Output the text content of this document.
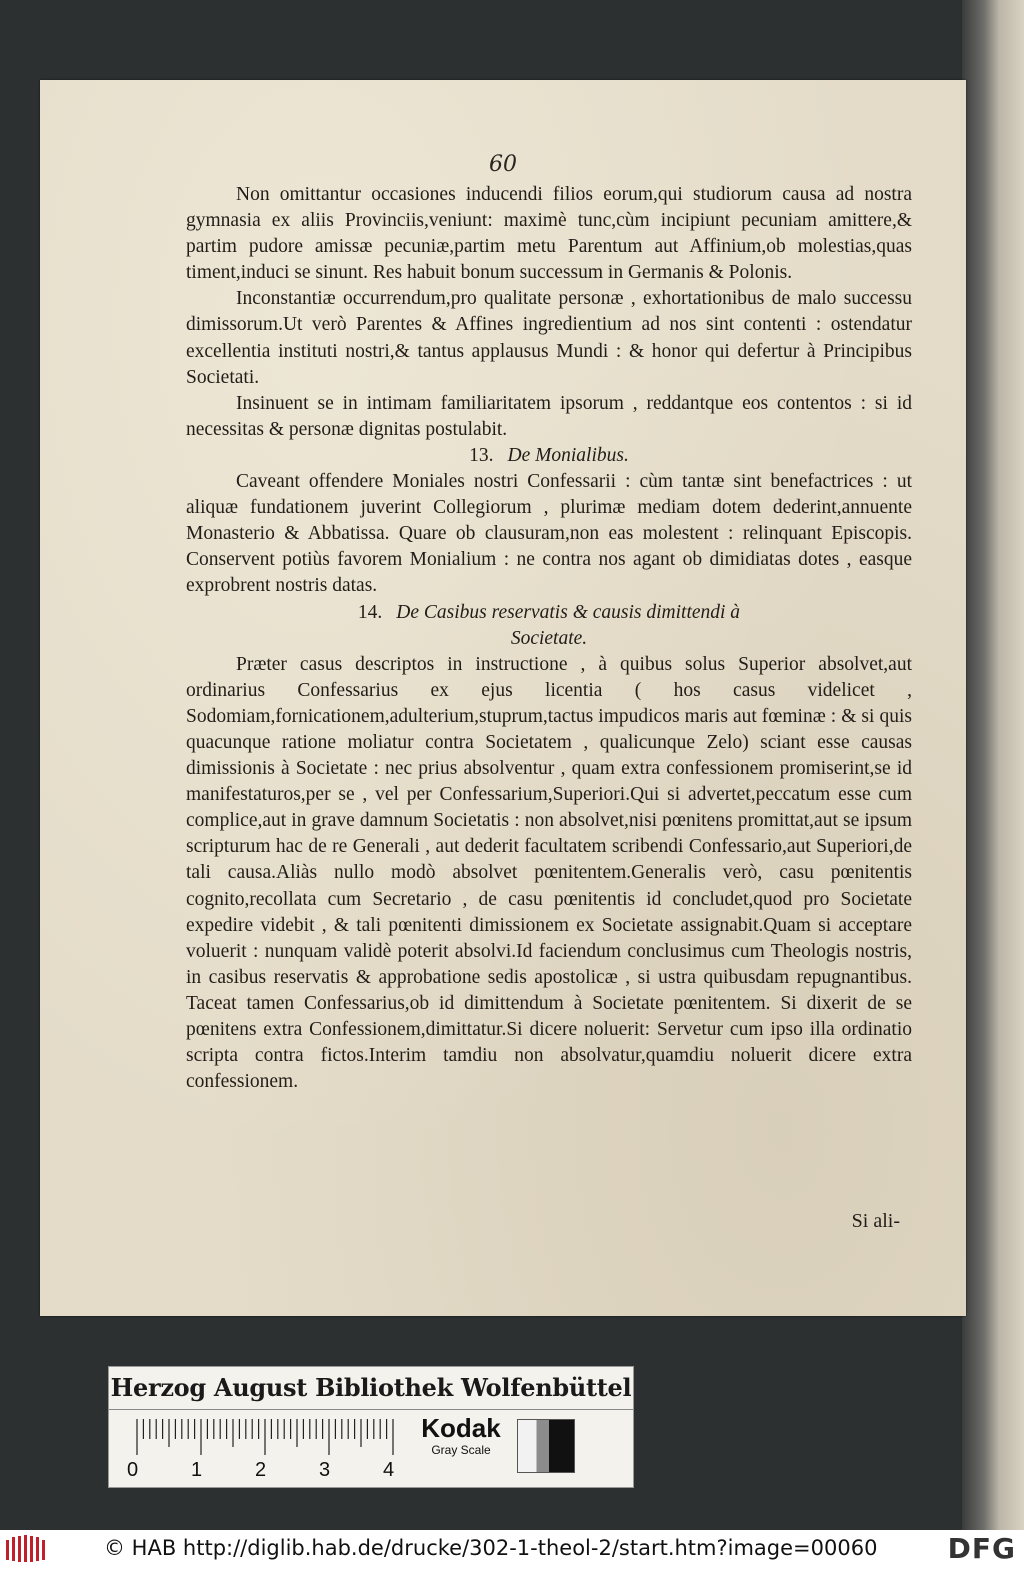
60

Non omittantur occasiones inducendi filios eorum,qui studiorum causa ad nostra gymnasia ex aliis Provinciis,veniunt: maximè tunc,cùm incipiunt pecuniam amittere,& partim pudore amissæ pecuniæ,partim metu Parentum aut Affinium,ob molestias,quas timent,induci se sinunt. Res habuit bonum successum in Germanis & Polonis.

Inconstantiæ occurrendum,pro qualitate personæ , exhortationibus de malo successu dimissorum.Ut verò Parentes & Affines ingredientium ad nos sint contenti : ostendatur excellentia instituti nostri,& tantus applausus Mundi : & honor qui defertur à Principibus Societati.

Insinuent se in intimam familiaritatem ipsorum , reddantque eos contentos : si id necessitas & personæ dignitas postulabit.

13. De Monialibus.

Caveant offendere Moniales nostri Confessarii : cùm tantæ sint benefactrices : ut aliquæ fundationem juverint Collegiorum , plurimæ mediam dotem dederint,annuente Monasterio & Abbatissa. Quare ob clausuram,non eas molestent : relinquant Episcopis. Conservent potiùs favorem Monialium : ne contra nos agant ob dimidiatas dotes , easque exprobrent nostris datas.

14. De Casibus reservatis & causis dimittendi à
Societate.

Præter casus descriptos in instructione , à quibus solus Superior absolvet,aut ordinarius Confessarius ex ejus licentia ( hos casus videlicet , Sodomiam,fornicationem,adulterium,stuprum,tactus impudicos maris aut fœminæ : & si quis quacunque ratione moliatur contra Societatem , qualicunque Zelo) sciant esse causas dimissionis à Societate : nec prius absolventur , quam extra confessionem promiserint,se id manifestaturos,per se , vel per Confessarium,Superiori.Qui si advertet,peccatum esse cum complice,aut in grave damnum Societatis : non absolvet,nisi pœnitens promittat,aut se ipsum scripturum hac de re Generali , aut dederit facultatem scribendi Confessario,aut Superiori,de tali causa.Aliàs nullo modò absolvet pœnitentem.Generalis verò, casu pœnitentis cognito,recollata cum Secretario , de casu pœnitentis id concludet,quod pro Societate expedire videbit , & tali pœnitenti dimissionem ex Societate assignabit.Quam si acceptare voluerit : nunquam validè poterit absolvi.Id faciendum conclusimus cum Theologis nostris, in casibus reservatis & approbatione sedis apostolicæ , si ustra quibusdam repugnantibus. Taceat tamen Confessarius,ob id dimittendum à Societate pœnitentem. Si dixerit de se pœnitens extra Confessionem,dimittatur.Si dicere noluerit: Servetur cum ipso illa ordinatio scripta contra fictos.Interim tamdiu non absolvatur,quamdiu noluerit dicere extra confessionem.

Si ali-
Herzog August Bibliothek Wolfenbüttel
0	1	2	3	4
Kodak
Gray Scale
© HAB http://diglib.hab.de/drucke/302-1-theol-2/start.htm?image=00060	DFG
